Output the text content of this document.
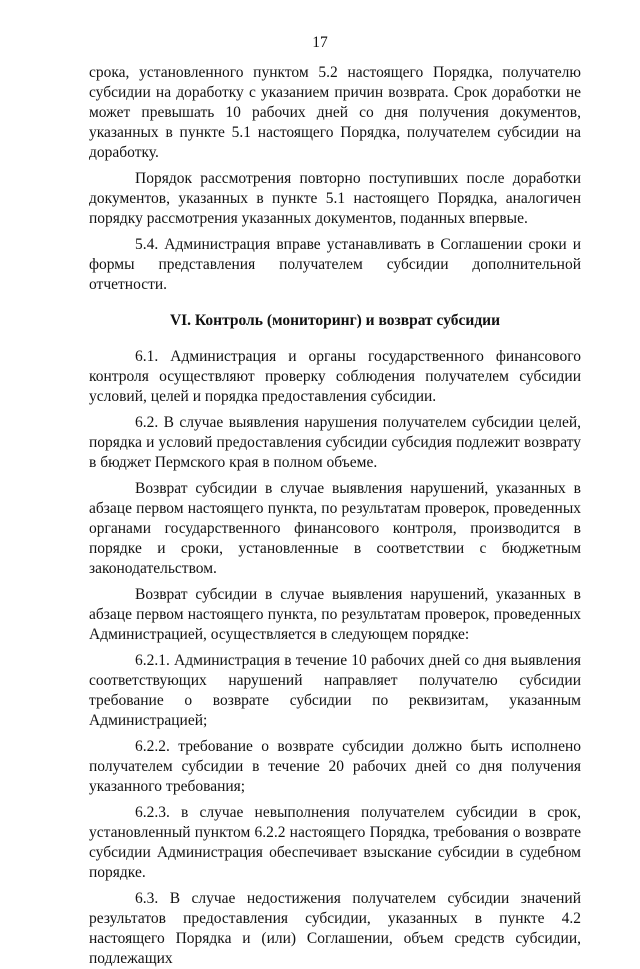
17

срока, установленного пунктом 5.2 настоящего Порядка, получателю субсидии на доработку с указанием причин возврата. Срок доработки не может превышать 10 рабочих дней со дня получения документов, указанных в пункте 5.1 настоящего Порядка, получателем субсидии на доработку.

Порядок рассмотрения повторно поступивших после доработки документов, указанных в пункте 5.1 настоящего Порядка, аналогичен порядку рассмотрения указанных документов, поданных впервые.

5.4. Администрация вправе устанавливать в Соглашении сроки и формы представления получателем субсидии дополнительной отчетности.

VI. Контроль (мониторинг) и возврат субсидии

6.1. Администрация и органы государственного финансового контроля осуществляют проверку соблюдения получателем субсидии условий, целей и порядка предоставления субсидии.

6.2. В случае выявления нарушения получателем субсидии целей, порядка и условий предоставления субсидии субсидия подлежит возврату в бюджет Пермского края в полном объеме.

Возврат субсидии в случае выявления нарушений, указанных в абзаце первом настоящего пункта, по результатам проверок, проведенных органами государственного финансового контроля, производится в порядке и сроки, установленные в соответствии с бюджетным законодательством.

Возврат субсидии в случае выявления нарушений, указанных в абзаце первом настоящего пункта, по результатам проверок, проведенных Администрацией, осуществляется в следующем порядке:

6.2.1. Администрация в течение 10 рабочих дней со дня выявления соответствующих нарушений направляет получателю субсидии требование о возврате субсидии по реквизитам, указанным Администрацией;

6.2.2. требование о возврате субсидии должно быть исполнено получателем субсидии в течение 20 рабочих дней со дня получения указанного требования;

6.2.3. в случае невыполнения получателем субсидии в срок, установленный пунктом 6.2.2 настоящего Порядка, требования о возврате субсидии Администрация обеспечивает взыскание субсидии в судебном порядке.

6.3. В случае недостижения получателем субсидии значений результатов предоставления субсидии, указанных в пункте 4.2 настоящего Порядка и (или) Соглашении, объем средств субсидии, подлежащих
